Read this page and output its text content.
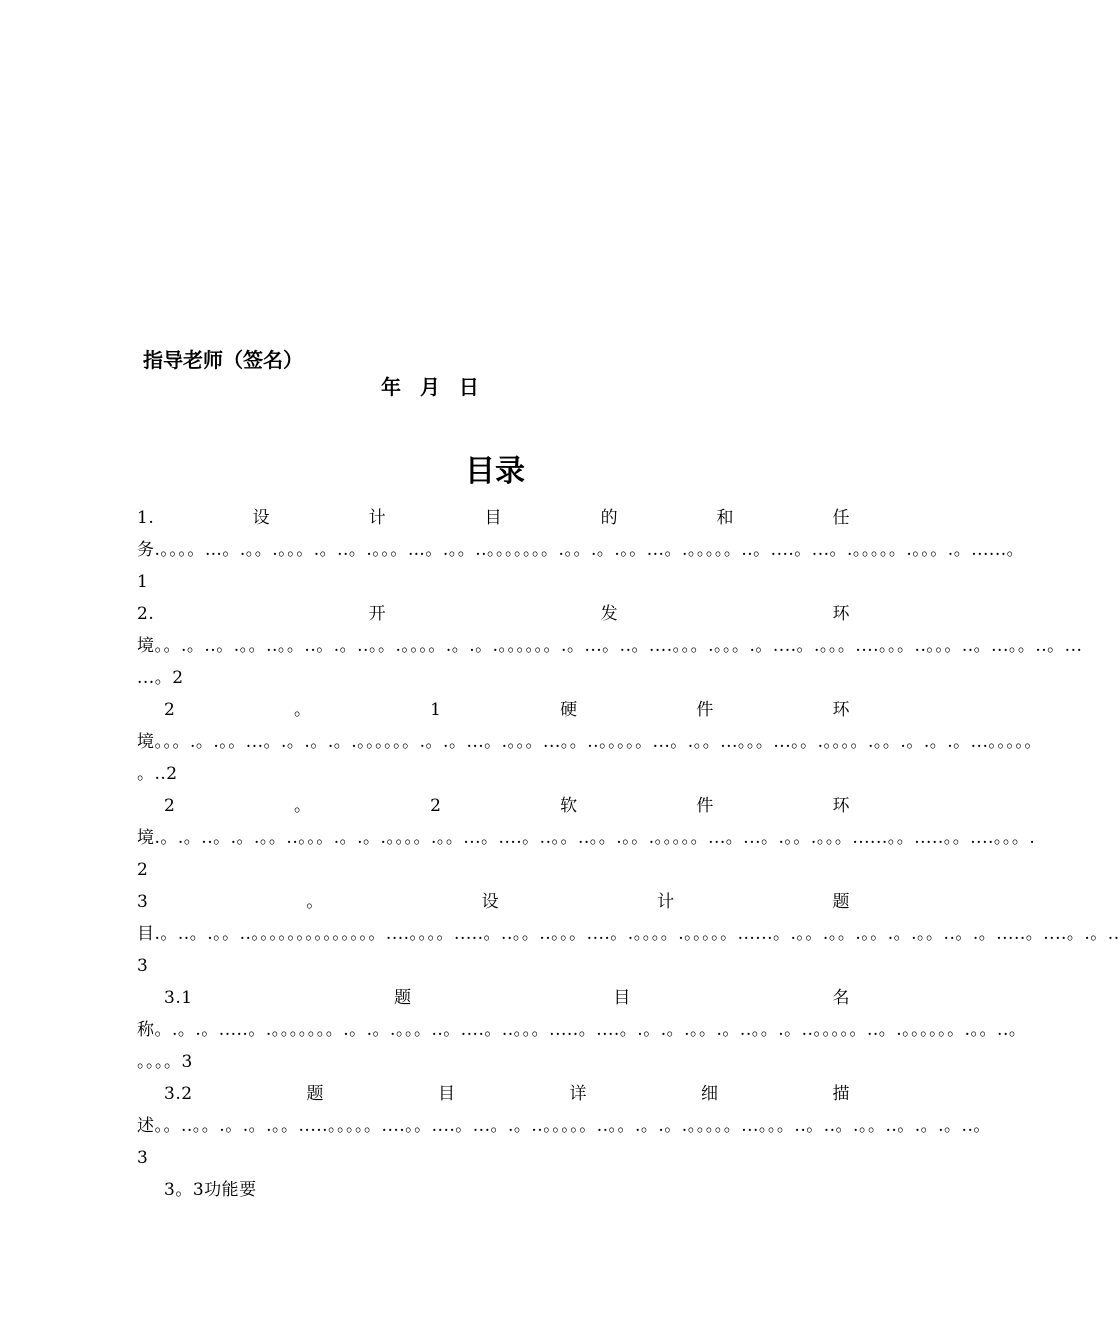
指导老师（签名）
年 月 日
目录
1.设计目的和任务.。。。。…。.。。.。。。.。..。.。。。…。.。。..。。。。。。。.。。.。.。。...。.。。。。。..。....。...。.。。。。。.。。。.。......。1
2.开发环境。。.。..。.。。..。。..。.。..。。.。。。。.。.。.。。。。。。.。...。..。....。。。.。。。.。....。.。。。....。。。..。。。..。...。。..。... ...。2
2。1硬件环境。。。.。.。。...。.。.。.。.。。。。。。.。.。...。.。。。...。。..。。。。。...。.。。...。。。...。。.。。。。.。。.。.。.。...。。。。。 。..2
2。2软件环境.。.。..。.。.。。..。。。.。.。.。。。。.。。...。....。..。。..。。.。。.。。。。。...。...。.。。.。。。......。。.....。。....。。。.2
3。设计题目.。..。.。。..。。。。。。。。。。。。。。....。。。。.....。..。。..。。。....。.。。。。.。。。。。......。.。。.。。.。。.。.。。..。.。.....。....。.。..3
3.1题目名称。.。.。.....。.。。。。。。。.。.。.。。。..。....。..。。。.....。....。.。.。.。。.。..。。.。..。。。。。..。.。。。。。。.。。..。 。。。。3
3.2题目详细描述。。..。。.。.。.。。.....。。。。。....。。....。...。.。..。。。。。..。。.。.。.。。。。。...。。。..。..。.。。..。.。.。..。3
3。3功能要
